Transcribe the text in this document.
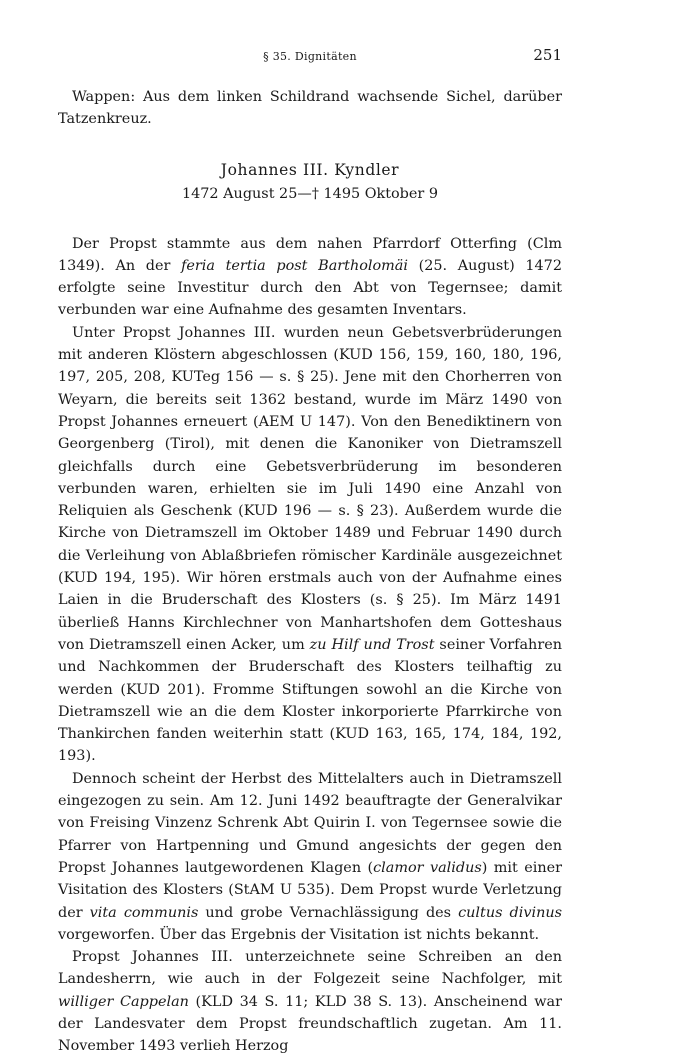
§ 35. Dignitäten	251

Wappen: Aus dem linken Schildrand wachsende Sichel, darüber Tatzenkreuz.

Johannes III. Kyndler
1472 August 25—† 1495 Oktober 9

Der Propst stammte aus dem nahen Pfarrdorf Otterfing (Clm 1349). An der feria tertia post Bartholomäi (25. August) 1472 erfolgte seine Investitur durch den Abt von Tegernsee; damit verbunden war eine Aufnahme des gesamten Inventars.

Unter Propst Johannes III. wurden neun Gebetsverbrüderungen mit anderen Klöstern abgeschlossen (KUD 156, 159, 160, 180, 196, 197, 205, 208, KUTeg 156 — s. § 25). Jene mit den Chorherren von Weyarn, die bereits seit 1362 bestand, wurde im März 1490 von Propst Johannes erneuert (AEM U 147). Von den Benediktinern von Georgenberg (Tirol), mit denen die Kanoniker von Dietramszell gleichfalls durch eine Gebetsverbrüderung im besonderen verbunden waren, erhielten sie im Juli 1490 eine Anzahl von Reliquien als Geschenk (KUD 196 — s. § 23). Außerdem wurde die Kirche von Dietramszell im Oktober 1489 und Februar 1490 durch die Verleihung von Ablaßbriefen römischer Kardinäle ausgezeichnet (KUD 194, 195). Wir hören erstmals auch von der Aufnahme eines Laien in die Bruderschaft des Klosters (s. § 25). Im März 1491 überließ Hanns Kirchlechner von Manhartshofen dem Gotteshaus von Dietramszell einen Acker, um zu Hilf und Trost seiner Vorfahren und Nachkommen der Bruderschaft des Klosters teilhaftig zu werden (KUD 201). Fromme Stiftungen sowohl an die Kirche von Dietramszell wie an die dem Kloster inkorporierte Pfarrkirche von Thankirchen fanden weiterhin statt (KUD 163, 165, 174, 184, 192, 193).

Dennoch scheint der Herbst des Mittelalters auch in Dietramszell eingezogen zu sein. Am 12. Juni 1492 beauftragte der Generalvikar von Freising Vinzenz Schrenk Abt Quirin I. von Tegernsee sowie die Pfarrer von Hartpenning und Gmund angesichts der gegen den Propst Johannes lautgewordenen Klagen (clamor validus) mit einer Visitation des Klosters (StAM U 535). Dem Propst wurde Verletzung der vita communis und grobe Vernachlässigung des cultus divinus vorgeworfen. Über das Ergebnis der Visitation ist nichts bekannt.

Propst Johannes III. unterzeichnete seine Schreiben an den Landesherrn, wie auch in der Folgezeit seine Nachfolger, mit williger Cappelan (KLD 34 S. 11; KLD 38 S. 13). Anscheinend war der Landesvater dem Propst freundschaftlich zugetan. Am 11. November 1493 verlieh Herzog
